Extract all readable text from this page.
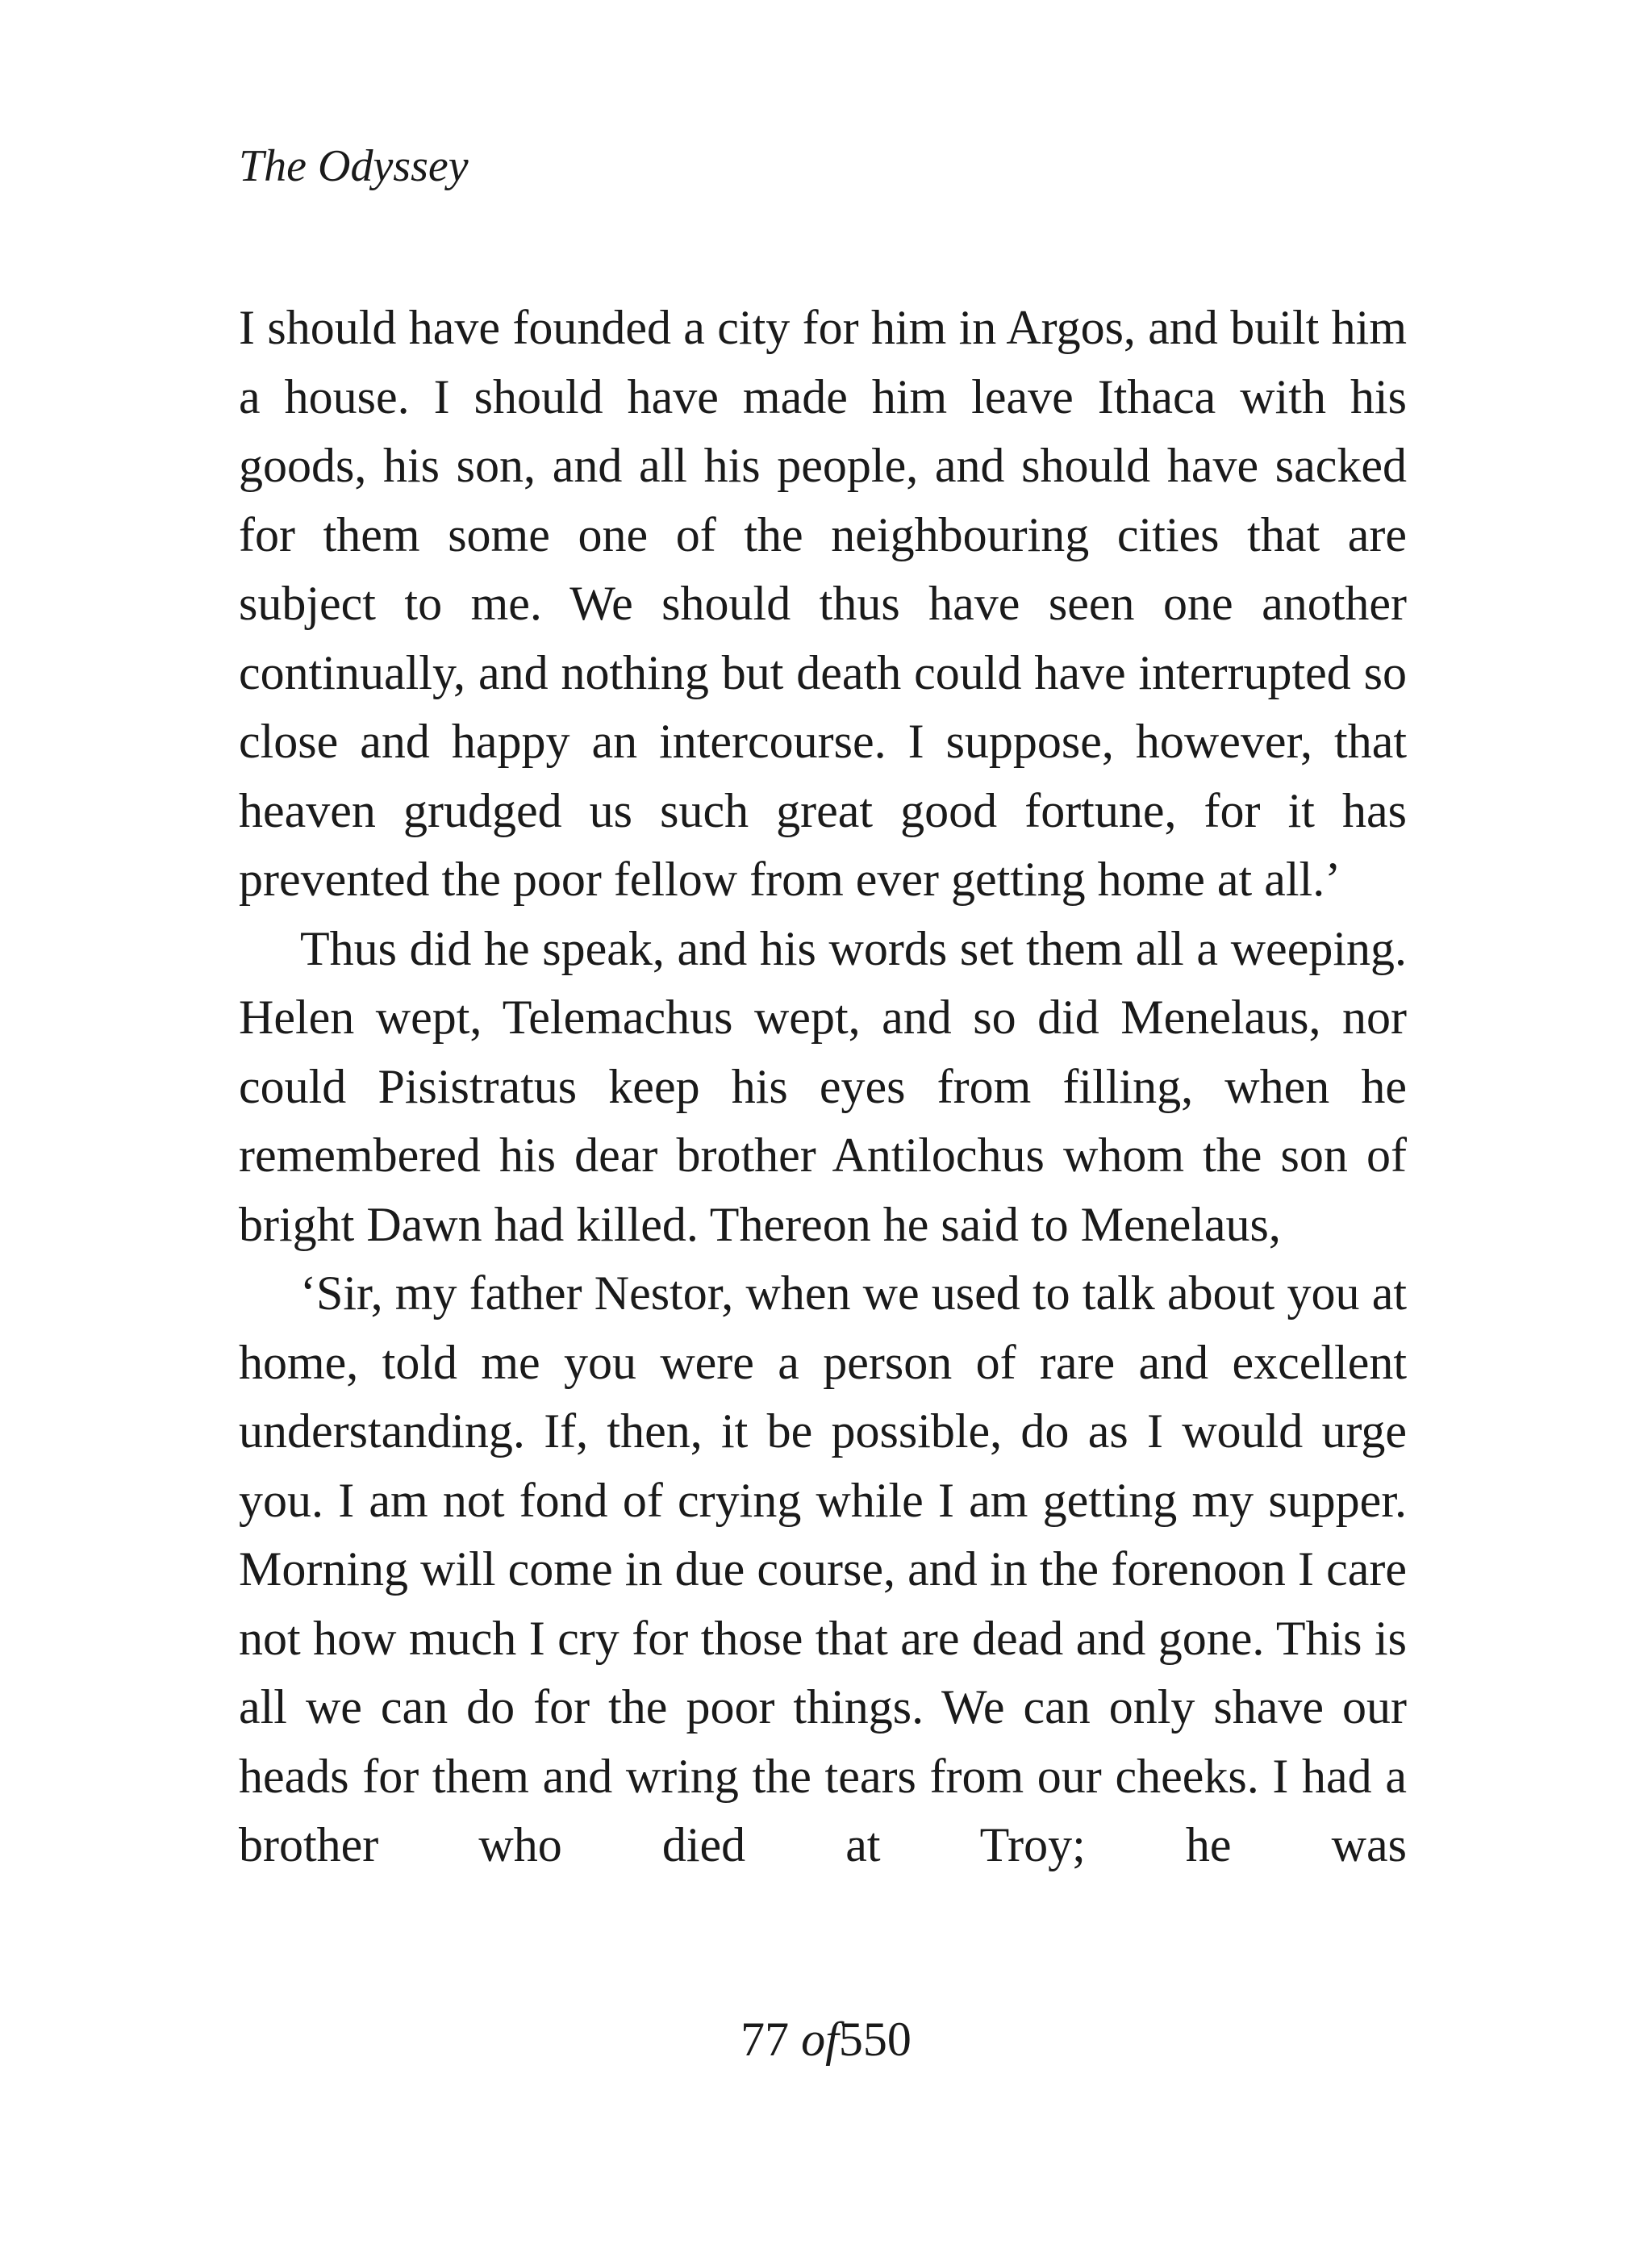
The Odyssey

I should have founded a city for him in Argos, and built him a house. I should have made him leave Ithaca with his goods, his son, and all his people, and should have sacked for them some one of the neighbouring cities that are subject to me. We should thus have seen one another continually, and nothing but death could have interrupted so close and happy an intercourse. I suppose, however, that heaven grudged us such great good fortune, for it has prevented the poor fellow from ever getting home at all.’

Thus did he speak, and his words set them all a weeping. Helen wept, Telemachus wept, and so did Menelaus, nor could Pisistratus keep his eyes from filling, when he remembered his dear brother Antilochus whom the son of bright Dawn had killed. Thereon he said to Menelaus,

‘Sir, my father Nestor, when we used to talk about you at home, told me you were a person of rare and excellent understanding. If, then, it be possible, do as I would urge you. I am not fond of crying while I am getting my supper. Morning will come in due course, and in the forenoon I care not how much I cry for those that are dead and gone. This is all we can do for the poor things. We can only shave our heads for them and wring the tears from our cheeks. I had a brother who died at Troy; he was

77 of550
